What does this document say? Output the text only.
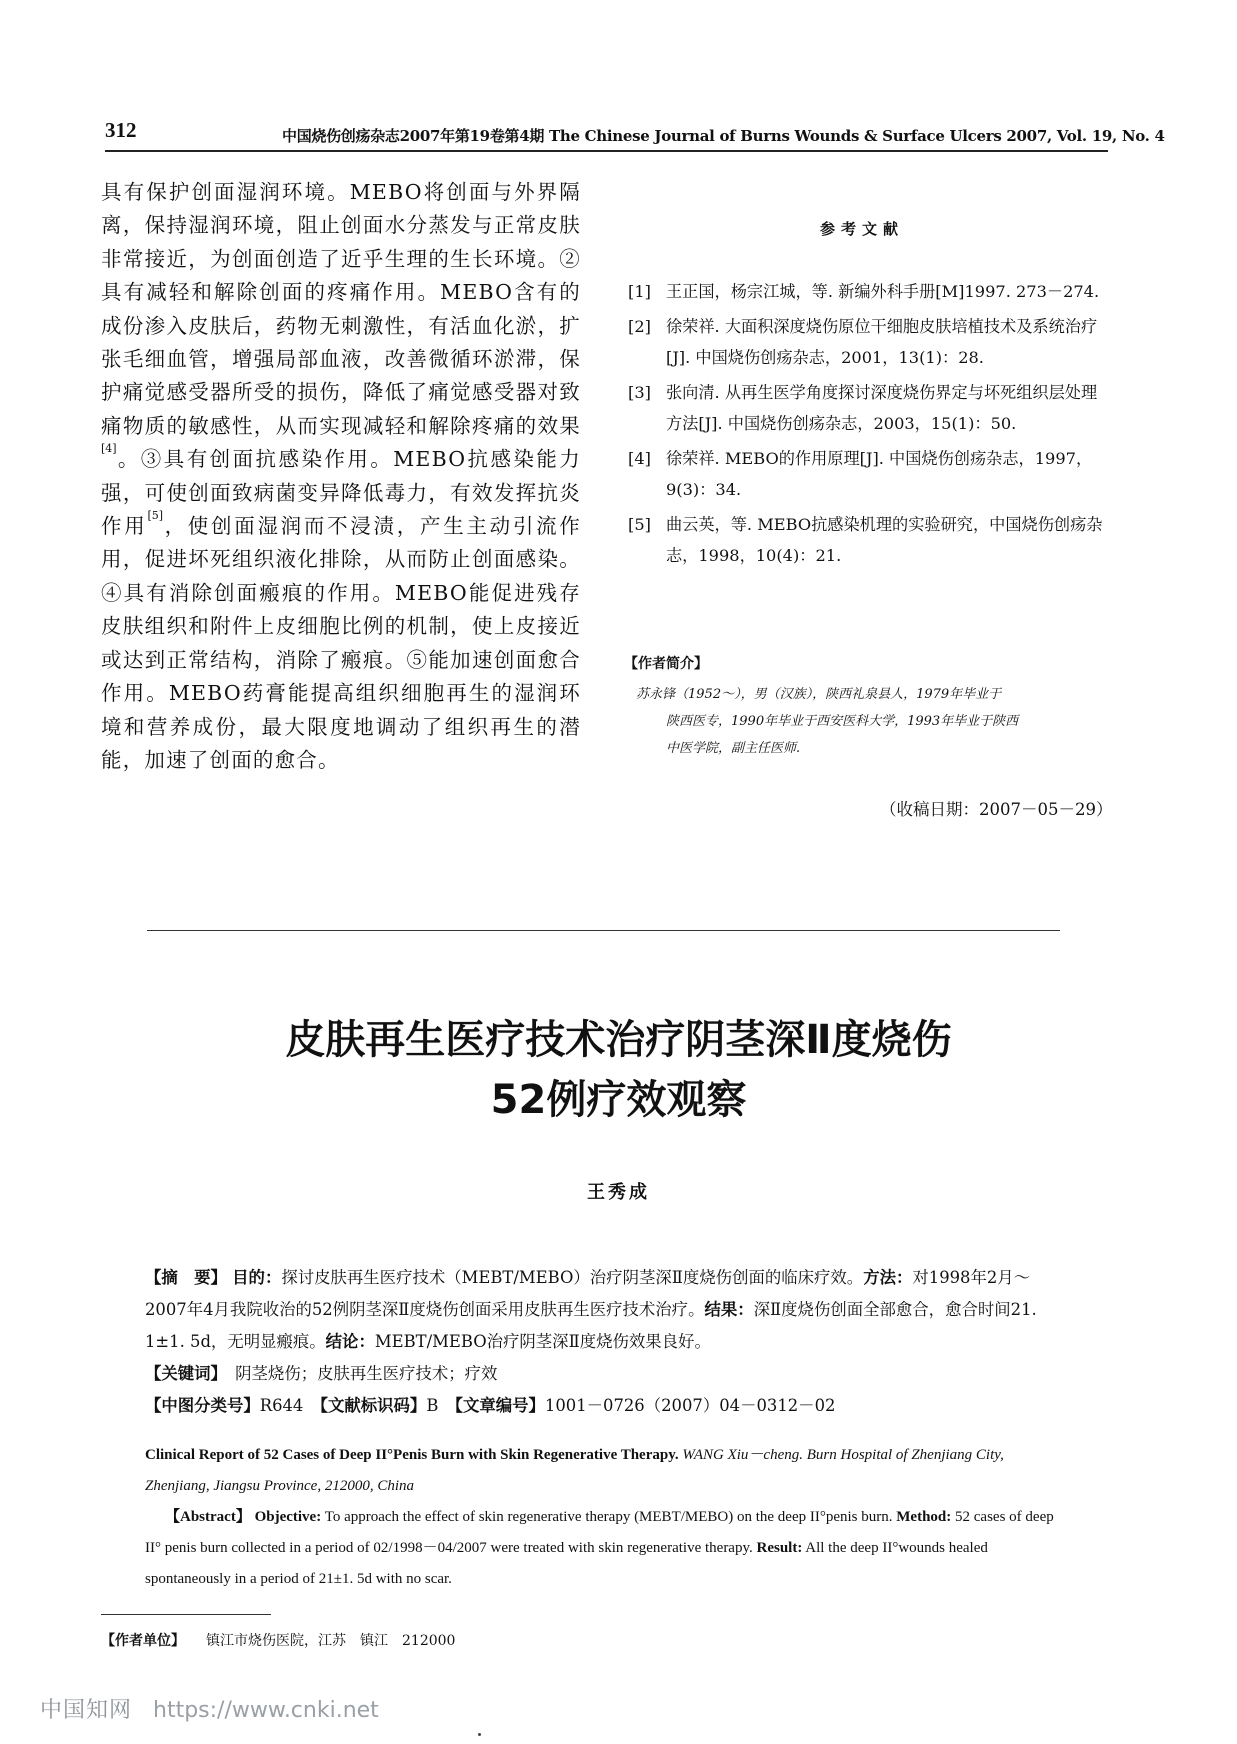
312	中国烧伤创疡杂志2007年第19卷第4期 The Chinese Journal of Burns Wounds & Surface Ulcers 2007, Vol. 19, No. 4
具有保护创面湿润环境。MEBO将创面与外界隔离，保持湿润环境，阻止创面水分蒸发与正常皮肤非常接近，为创面创造了近乎生理的生长环境。②具有减轻和解除创面的疼痛作用。MEBO含有的成份渗入皮肤后，药物无刺激性，有活血化淤，扩张毛细血管，增强局部血液，改善微循环淤滞，保护痛觉感受器所受的损伤，降低了痛觉感受器对致痛物质的敏感性，从而实现减轻和解除疼痛的效果[4]。③具有创面抗感染作用。MEBO抗感染能力强，可使创面致病菌变异降低毒力，有效发挥抗炎作用[5]，使创面湿润而不浸渍，产生主动引流作用，促进坏死组织液化排除，从而防止创面感染。④具有消除创面瘢痕的作用。MEBO能促进残存皮肤组织和附件上皮细胞比例的机制，使上皮接近或达到正常结构，消除了瘢痕。⑤能加速创面愈合作用。MEBO药膏能提高组织细胞再生的湿润环境和营养成份，最大限度地调动了组织再生的潜能，加速了创面的愈合。
参考文献
[1] 王正国，杨宗江城，等. 新编外科手册[M]1997. 273－274.
[2] 徐荣祥. 大面积深度烧伤原位干细胞皮肤培植技术及系统治疗[J]. 中国烧伤创疡杂志，2001，13(1)：28.
[3] 张向清. 从再生医学角度探讨深度烧伤界定与坏死组织层处理方法[J]. 中国烧伤创疡杂志，2003，15(1)：50.
[4] 徐荣祥. MEBO的作用原理[J]. 中国烧伤创疡杂志，1997，9(3)：34.
[5] 曲云英，等. MEBO抗感染机理的实验研究，中国烧伤创疡杂志，1998，10(4)：21.
【作者简介】
苏永锋（1952～），男（汉族），陕西礼泉县人，1979年毕业于
陕西医专，1990年毕业于西安医科大学，1993年毕业于陕西
中医学院，副主任医师.
（收稿日期：2007－05－29）
皮肤再生医疗技术治疗阴茎深Ⅱ度烧伤
52例疗效观察
王秀成
【摘　要】 目的：探讨皮肤再生医疗技术（MEBT/MEBO）治疗阴茎深Ⅱ度烧伤创面的临床疗效。方法：对1998年2月～2007年4月我院收治的52例阴茎深Ⅱ度烧伤创面采用皮肤再生医疗技术治疗。结果：深Ⅱ度烧伤创面全部愈合，愈合时间21. 1±1. 5d，无明显瘢痕。结论：MEBT/MEBO治疗阴茎深Ⅱ度烧伤效果良好。
【关键词】　 阴茎烧伤；皮肤再生医疗技术；疗效
【中图分类号】R644　 【文献标识码】B　 【文章编号】1001－0726（2007）04－0312－02
Clinical Report of 52 Cases of Deep II°Penis Burn with Skin Regenerative Therapy. WANG Xiu－cheng. Burn Hospital of Zhenjiang City, Zhenjiang, Jiangsu Province, 212000, China
【Abstract】 Objective: To approach the effect of skin regenerative therapy (MEBT/MEBO) on the deep II°penis burn. Method: 52 cases of deep II° penis burn collected in a period of 02/1998－04/2007 were treated with skin regenerative therapy. Result: All the deep II°wounds healed spontaneously in a period of 21±1. 5d with no scar.
【作者单位】　　 镇江市烧伤医院，江苏　镇江　212000
中国知网 https://www.cnki.net
